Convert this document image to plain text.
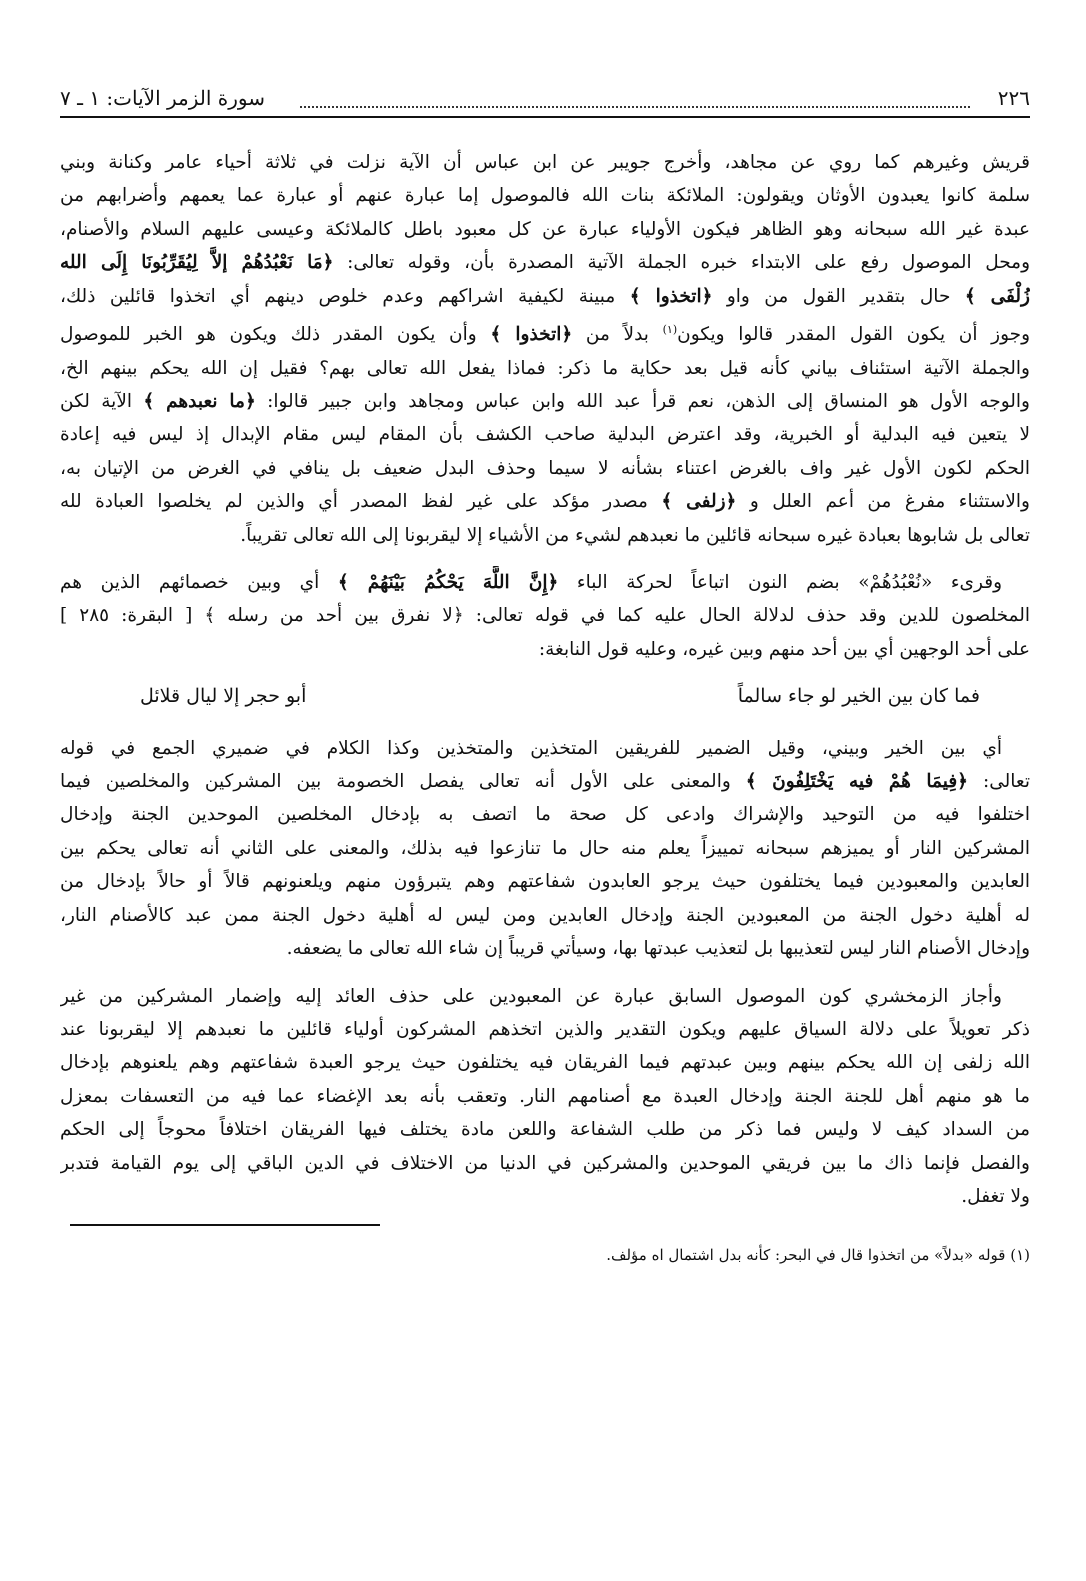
٢٢٦
سورة الزمر الآيات: ١ ـ ٧
قريش وغيرهم كما روي عن مجاهد، وأخرج جويبر عن ابن عباس أن الآية نزلت في ثلاثة أحياء عامر وكنانة وبني
سلمة كانوا يعبدون الأوثان ويقولون: الملائكة بنات الله فالموصول إما عبارة عنهم أو عبارة عما يعمهم وأضرابهم من
عبدة غير الله سبحانه وهو الظاهر فيكون الأولياء عبارة عن كل معبود باطل كالملائكة وعيسى عليهم السلام والأصنام،
ومحل الموصول رفع على الابتداء خبره الجملة الآتية المصدرة بأن، وقوله تعالى: ﴿مَا نَعْبُدُهُمْ إلاَّ لِيُقَرِّبُونَا إِلَى الله
زُلْفَى ﴾ حال بتقدير القول من واو ﴿اتخذوا ﴾ مبينة لكيفية اشراكهم وعدم خلوص دينهم أي اتخذوا قائلين ذلك،
وجوز أن يكون القول المقدر قالوا ويكون$^{(١)}$ بدلاً من ﴿اتخذوا ﴾ وأن يكون المقدر ذلك ويكون هو الخبر للموصول
والجملة الآتية استئناف بياني كأنه قيل بعد حكاية ما ذكر: فماذا يفعل الله تعالى بهم؟ فقيل إن الله يحكم بينهم الخ،
والوجه الأول هو المنساق إلى الذهن، نعم قرأ عبد الله وابن عباس ومجاهد وابن جبير قالوا: ﴿ما نعبدهم ﴾ الآية لكن
لا يتعين فيه البدلية أو الخبرية، وقد اعترض البدلية صاحب الكشف بأن المقام ليس مقام الإبدال إذ ليس فيه إعادة
الحكم لكون الأول غير واف بالغرض اعتناء بشأنه لا سيما وحذف البدل ضعيف بل ينافي في الغرض من الإتيان به،
والاستثناء مفرغ من أعم العلل و ﴿زلفى ﴾ مصدر مؤكد على غير لفظ المصدر أي والذين لم يخلصوا العبادة لله
تعالى بل شابوها بعبادة غيره سبحانه قائلين ما نعبدهم لشيء من الأشياء إلا ليقربونا إلى الله تعالى تقريباً.
وقرىء «نُعْبُدُهُمْ» بضم النون اتباعاً لحركة الباء ﴿إِنَّ اللَّهَ يَحْكُمُ بَيْنَهُمْ ﴾ أي وبين خصمائهم الذين هم
المخلصون للدين وقد حذف لدلالة الحال عليه كما في قوله تعالى: ﴿لا نفرق بين أحد من رسله ﴾ [ البقرة: ٢٨٥ ]
على أحد الوجهين أي بين أحد منهم وبين غيره، وعليه قول النابغة:
فما كان بين الخير لو جاء سالماً
أبو حجر إلا ليال قلائل
أي بين الخير وبيني، وقيل الضمير للفريقين المتخذين والمتخذين وكذا الكلام في ضميري الجمع في قوله
تعالى: ﴿فِيمَا هُمْ فيه يَخْتَلِفُونَ ﴾ والمعنى على الأول أنه تعالى يفصل الخصومة بين المشركين والمخلصين فيما
اختلفوا فيه من التوحيد والإشراك وادعى كل صحة ما اتصف به بإدخال المخلصين الموحدين الجنة وإدخال
المشركين النار أو يميزهم سبحانه تمييزاً يعلم منه حال ما تنازعوا فيه بذلك، والمعنى على الثاني أنه تعالى يحكم بين
العابدين والمعبودين فيما يختلفون حيث يرجو العابدون شفاعتهم وهم يتبرؤون منهم ويلعنونهم قالاً أو حالاً بإدخال من
له أهلية دخول الجنة من المعبودين الجنة وإدخال العابدين ومن ليس له أهلية دخول الجنة ممن عبد كالأصنام النار،
وإدخال الأصنام النار ليس لتعذيبها بل لتعذيب عبدتها بها، وسيأتي قريباً إن شاء الله تعالى ما يضعفه.
وأجاز الزمخشري كون الموصول السابق عبارة عن المعبودين على حذف العائد إليه وإضمار المشركين من غير
ذكر تعويلاً على دلالة السياق عليهم ويكون التقدير والذين اتخذهم المشركون أولياء قائلين ما نعبدهم إلا ليقربونا عند
الله زلفى إن الله يحكم بينهم وبين عبدتهم فيما الفريقان فيه يختلفون حيث يرجو العبدة شفاعتهم وهم يلعنوهم بإدخال
ما هو منهم أهل للجنة الجنة وإدخال العبدة مع أصنامهم النار. وتعقب بأنه بعد الإغضاء عما فيه من التعسفات بمعزل
من السداد كيف لا وليس فما ذكر من طلب الشفاعة واللعن مادة يختلف فيها الفريقان اختلافاً محوجاً إلى الحكم
والفصل فإنما ذاك ما بين فريقي الموحدين والمشركين في الدنيا من الاختلاف في الدين الباقي إلى يوم القيامة فتدبر
ولا تغفل.
(١) قوله «بدلاً» من اتخذوا قال في البحر: كأنه بدل اشتمال اه مؤلف.
